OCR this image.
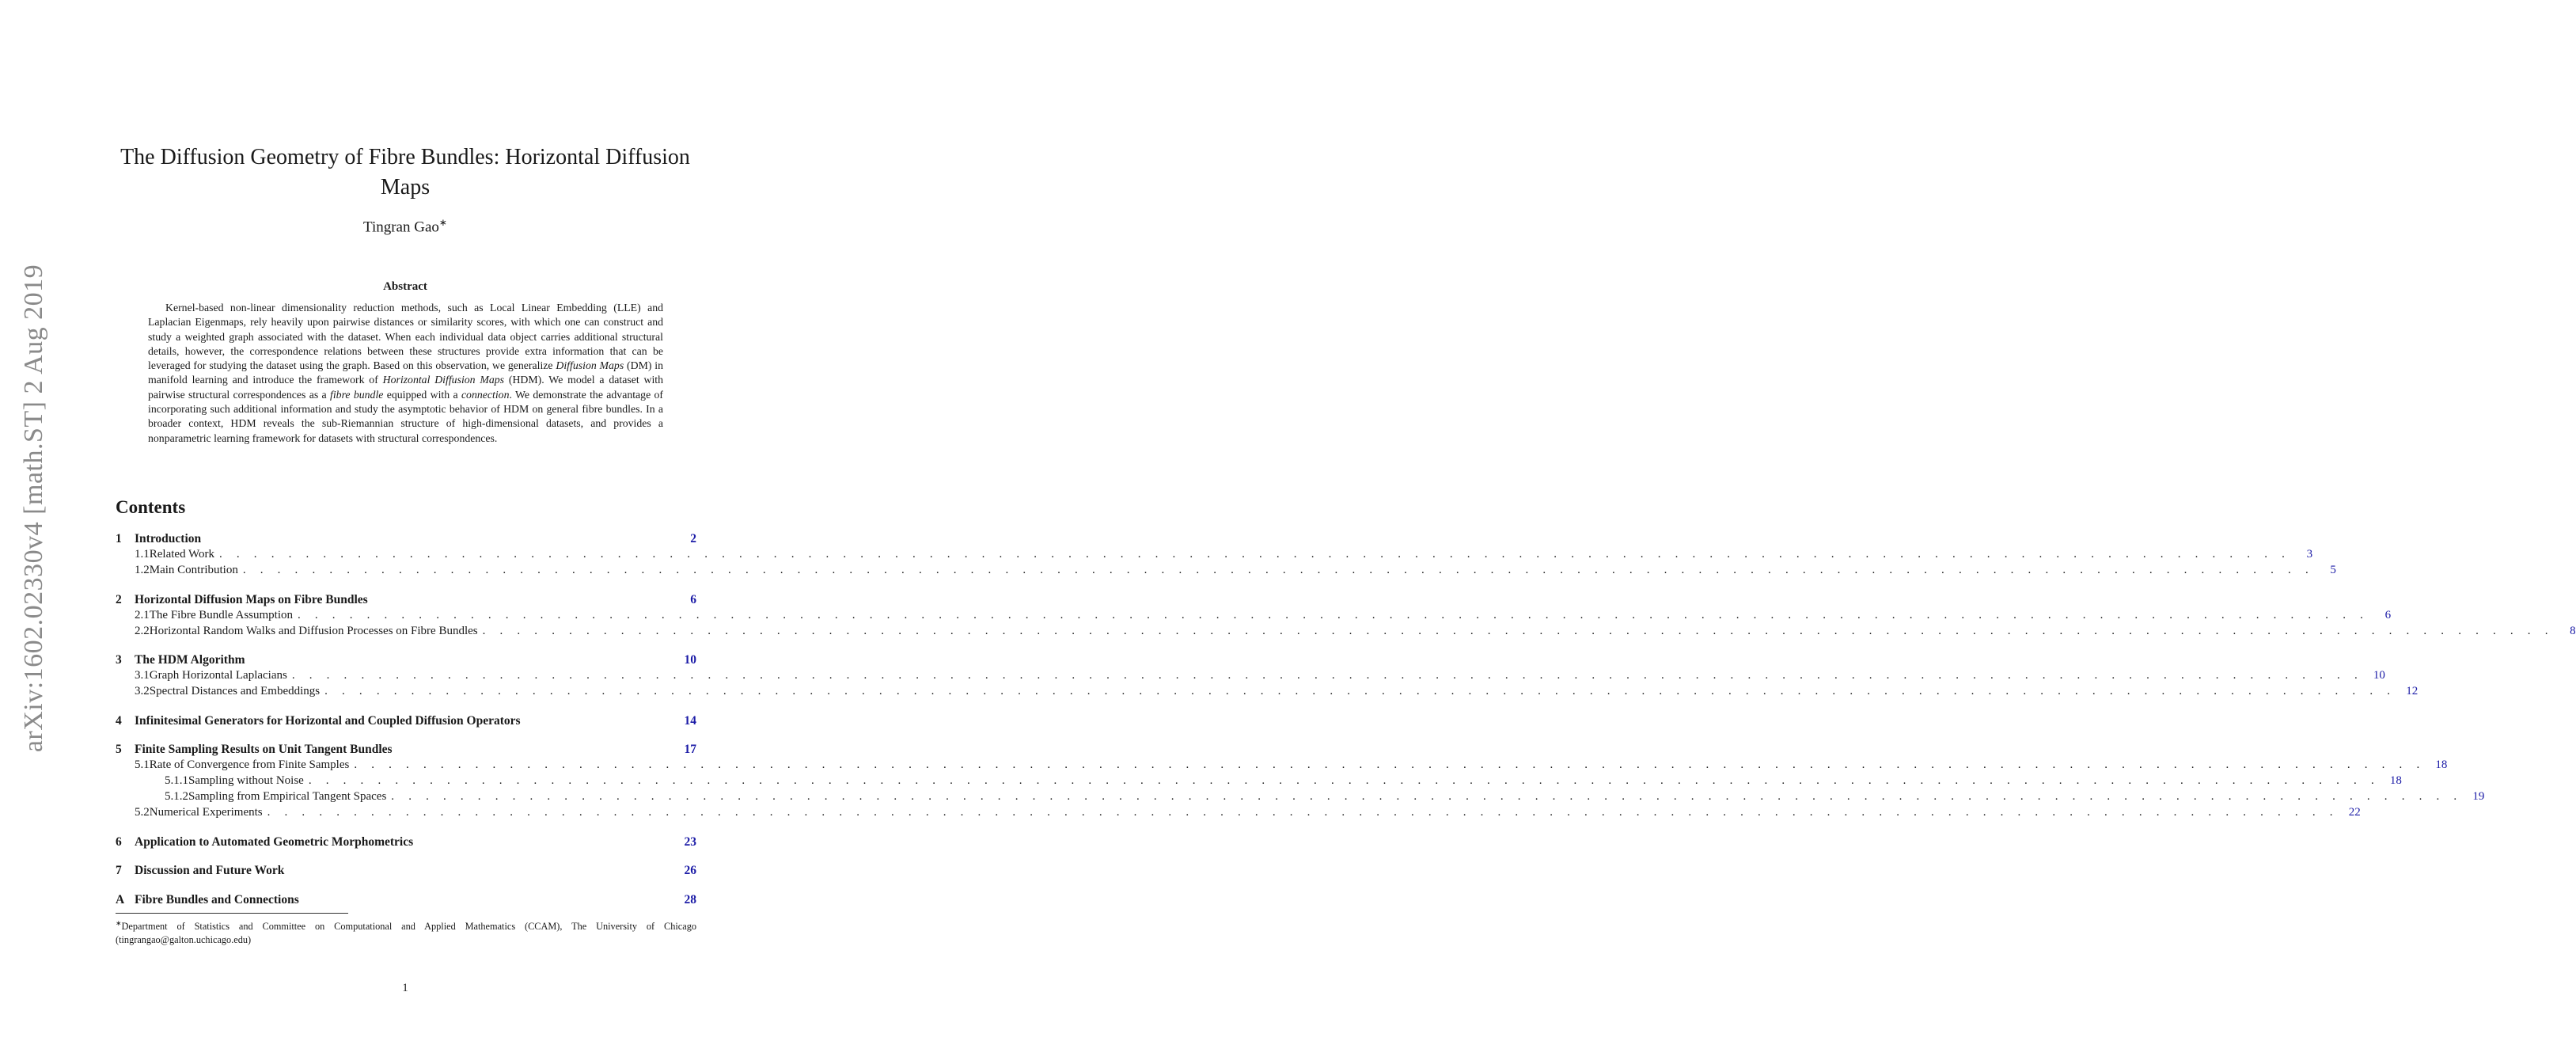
arXiv:1602.02330v4 [math.ST] 2 Aug 2019
The Diffusion Geometry of Fibre Bundles: Horizontal Diffusion Maps
Tingran Gao∗
Abstract

Kernel-based non-linear dimensionality reduction methods, such as Local Linear Embedding (LLE) and Laplacian Eigenmaps, rely heavily upon pairwise distances or similarity scores, with which one can construct and study a weighted graph associated with the dataset. When each individual data object carries additional structural details, however, the correspondence relations between these structures provide extra information that can be leveraged for studying the dataset using the graph. Based on this observation, we generalize Diffusion Maps (DM) in manifold learning and introduce the framework of Horizontal Diffusion Maps (HDM). We model a dataset with pairwise structural correspondences as a fibre bundle equipped with a connection. We demonstrate the advantage of incorporating such additional information and study the asymptotic behavior of HDM on general fibre bundles. In a broader context, HDM reveals the sub-Riemannian structure of high-dimensional datasets, and provides a nonparametric learning framework for datasets with structural correspondences.

Contents
1	Introduction	2
1.1 Related Work . . . . . . . . . . . . . . . . . . . . . . . . . . . . . . . . . . . . . . . . . . . . . . . . . . . . . . . . . . . . . . . . . . . . . . . . . . . . . . . . . . . . . . . . . . . . . . . . . . . . . . . . . . . . . . . . . . . . . . . .	3
1.2 Main Contribution . . . . . . . . . . . . . . . . . . . . . . . . . . . . . . . . . . . . . . . . . . . . . . . . . . . . . . . . . . . . . . . . . . . . . . . . . . . . . . . . . . . . . . . . . . . . . . . . . . . . . . . . . . . . . . . . . . . . . . . .	5
2	Horizontal Diffusion Maps on Fibre Bundles	6
2.1 The Fibre Bundle Assumption . . . . . . . . . . . . . . . . . . . . . . . . . . . . . . . . . . . . . . . . . . . . . . . . . . . . . . . . . . . . . . . . . . . . . . . . . . . . . . . . . . . . . . . . . . . . . . . . . . . . . . . . . . . . . . . . . . . . . . . .	6
2.2 Horizontal Random Walks and Diffusion Processes on Fibre Bundles . . . . . . . . . . . . . . . . . . . . . . . . . . . . . . . . . . . . . . . . . . . . . . . . . . . . . . . . . . . . . . . . . . . . . . . . . . . . . . . . . . . . . . . . . . . . . . . . . . . . . . . . . . . . . . . . . . . . . . . .	8
3	The HDM Algorithm	10
3.1 Graph Horizontal Laplacians . . . . . . . . . . . . . . . . . . . . . . . . . . . . . . . . . . . . . . . . . . . . . . . . . . . . . . . . . . . . . . . . . . . . . . . . . . . . . . . . . . . . . . . . . . . . . . . . . . . . . . . . . . . . . . . . . . . . . . . . 10
3.2 Spectral Distances and Embeddings . . . . . . . . . . . . . . . . . . . . . . . . . . . . . . . . . . . . . . . . . . . . . . . . . . . . . . . . . . . . . . . . . . . . . . . . . . . . . . . . . . . . . . . . . . . . . . . . . . . . . . . . . . . . . . . . . . . . . . . . 12
4	Infinitesimal Generators for Horizontal and Coupled Diffusion Operators	14
5	Finite Sampling Results on Unit Tangent Bundles	17
5.1 Rate of Convergence from Finite Samples . . . . . . . . . . . . . . . . . . . . . . . . . . . . . . . . . . . . . . . . . . . . . . . . . . . . . . . . . . . . . . . . . . . . . . . . . . . . . . . . . . . . . . . . . . . . . . . . . . . . . . . . . . . . . . . . . . . . . . . . 18
5.1.1 Sampling without Noise . . . . . . . . . . . . . . . . . . . . . . . . . . . . . . . . . . . . . . . . . . . . . . . . . . . . . . . . . . . . . . . . . . . . . . . . . . . . . . . . . . . . . . . . . . . . . . . . . . . . . . . . . . . . . . . . . . . . . . . . 18
5.1.2 Sampling from Empirical Tangent Spaces . . . . . . . . . . . . . . . . . . . . . . . . . . . . . . . . . . . . . . . . . . . . . . . . . . . . . . . . . . . . . . . . . . . . . . . . . . . . . . . . . . . . . . . . . . . . . . . . . . . . . . . . . . . . . . . . . . . . . . . . 19
5.2 Numerical Experiments . . . . . . . . . . . . . . . . . . . . . . . . . . . . . . . . . . . . . . . . . . . . . . . . . . . . . . . . . . . . . . . . . . . . . . . . . . . . . . . . . . . . . . . . . . . . . . . . . . . . . . . . . . . . . . . . . . . . . . . . 22
6	Application to Automated Geometric Morphometrics	23
7	Discussion and Future Work	26
A Fibre Bundles and Connections	28

∗Department of Statistics and Committee on Computational and Applied Mathematics (CCAM), The University of Chicago (tingrangao@galton.uchicago.edu)

1
